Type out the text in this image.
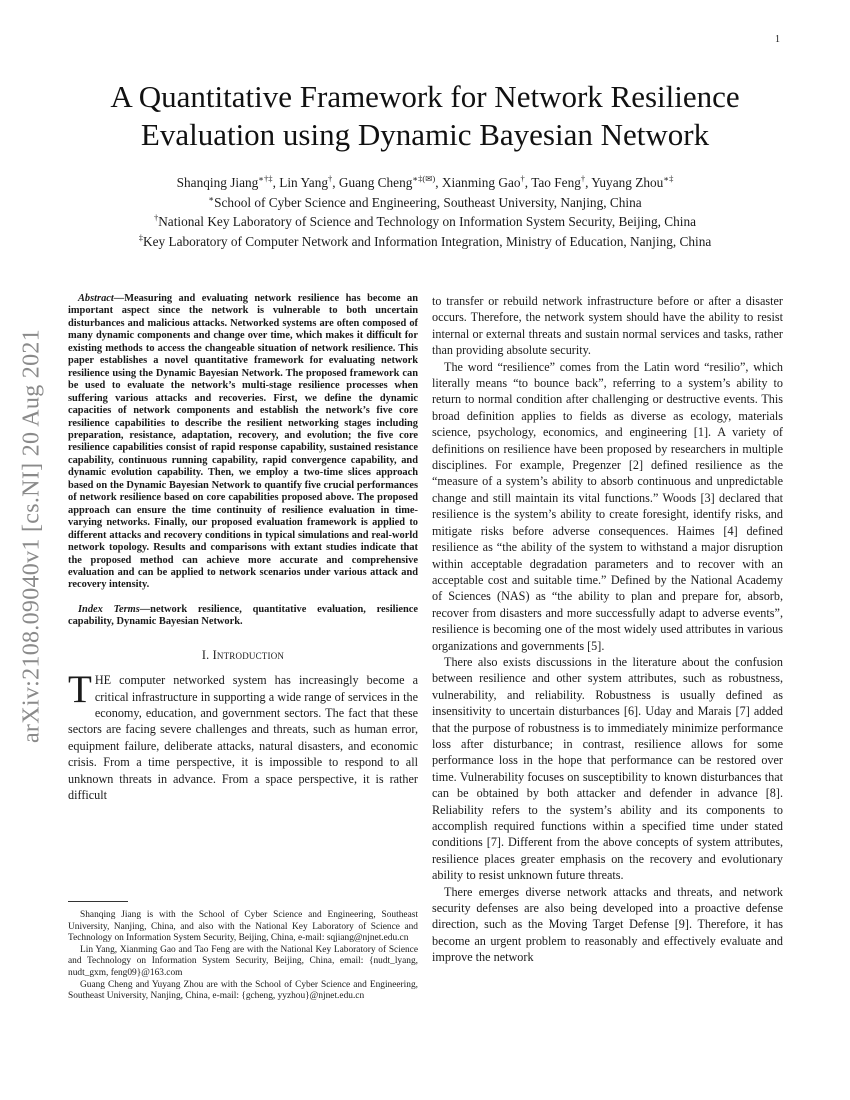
1
arXiv:2108.09040v1 [cs.NI] 20 Aug 2021
A Quantitative Framework for Network Resilience Evaluation using Dynamic Bayesian Network
Shanqing Jiang∗†‡, Lin Yang†, Guang Cheng∗‡(✉), Xianming Gao†, Tao Feng†, Yuyang Zhou∗‡
∗School of Cyber Science and Engineering, Southeast University, Nanjing, China
†National Key Laboratory of Science and Technology on Information System Security, Beijing, China
‡Key Laboratory of Computer Network and Information Integration, Ministry of Education, Nanjing, China

Abstract—Measuring and evaluating network resilience has become an important aspect since the network is vulnerable to both uncertain disturbances and malicious attacks. Networked systems are often composed of many dynamic components and change over time, which makes it difficult for existing methods to access the changeable situation of network resilience. This paper establishes a novel quantitative framework for evaluating network resilience using the Dynamic Bayesian Network. The proposed framework can be used to evaluate the network’s multi-stage resilience processes when suffering various attacks and recoveries. First, we define the dynamic capacities of network components and establish the network’s five core resilience capabilities to describe the resilient networking stages including preparation, resistance, adaptation, recovery, and evolution; the five core resilience capabilities consist of rapid response capability, sustained resistance capability, continuous running capability, rapid convergence capability, and dynamic evolution capability. Then, we employ a two-time slices approach based on the Dynamic Bayesian Network to quantify five crucial performances of network resilience based on core capabilities proposed above. The proposed approach can ensure the time continuity of resilience evaluation in time-varying networks. Finally, our proposed evaluation framework is applied to different attacks and recovery conditions in typical simulations and real-world network topology. Results and comparisons with extant studies indicate that the proposed method can achieve more accurate and comprehensive evaluation and can be applied to network scenarios under various attack and recovery intensity.

Index Terms—network resilience, quantitative evaluation, resilience capability, Dynamic Bayesian Network.

I. Introduction

THE computer networked system has increasingly become a critical infrastructure in supporting a wide range of services in the economy, education, and government sectors. The fact that these sectors are facing severe challenges and threats, such as human error, equipment failure, deliberate attacks, natural disasters, and economic crisis. From a time perspective, it is impossible to respond to all unknown threats in advance. From a space perspective, it is rather difficult

Shanqing Jiang is with the School of Cyber Science and Engineering, Southeast University, Nanjing, China, and also with the National Key Laboratory of Science and Technology on Information System Security, Beijing, China, e-mail: sqjiang@njnet.edu.cn

Lin Yang, Xianming Gao and Tao Feng are with the National Key Laboratory of Science and Technology on Information System Security, Beijing, China, email: {nudt_lyang, nudt_gxm, feng09}@163.com

Guang Cheng and Yuyang Zhou are with the School of Cyber Science and Engineering, Southeast University, Nanjing, China, e-mail: {gcheng, yyzhou}@njnet.edu.cn

to transfer or rebuild network infrastructure before or after a disaster occurs. Therefore, the network system should have the ability to resist internal or external threats and sustain normal services and tasks, rather than providing absolute security.

The word “resilience” comes from the Latin word “resilio”, which literally means “to bounce back”, referring to a system’s ability to return to normal condition after challenging or destructive events. This broad definition applies to fields as diverse as ecology, materials science, psychology, economics, and engineering [1]. A variety of definitions on resilience have been proposed by researchers in multiple disciplines. For example, Pregenzer [2] defined resilience as the “measure of a system’s ability to absorb continuous and unpredictable change and still maintain its vital functions.” Woods [3] declared that resilience is the system’s ability to create foresight, identify risks, and mitigate risks before adverse consequences. Haimes [4] defined resilience as “the ability of the system to withstand a major disruption within acceptable degradation parameters and to recover with an acceptable cost and suitable time.” Defined by the National Academy of Sciences (NAS) as “the ability to plan and prepare for, absorb, recover from disasters and more successfully adapt to adverse events”, resilience is becoming one of the most widely used attributes in various organizations and governments [5].

There also exists discussions in the literature about the confusion between resilience and other system attributes, such as robustness, vulnerability, and reliability. Robustness is usually defined as insensitivity to uncertain disturbances [6]. Uday and Marais [7] added that the purpose of robustness is to immediately minimize performance loss after disturbance; in contrast, resilience allows for some performance loss in the hope that performance can be restored over time. Vulnerability focuses on susceptibility to known disturbances that can be obtained by both attacker and defender in advance [8]. Reliability refers to the system’s ability and its components to accomplish required functions within a specified time under stated conditions [7]. Different from the above concepts of system attributes, resilience places greater emphasis on the recovery and evolutionary ability to resist unknown future threats.

There emerges diverse network attacks and threats, and network security defenses are also being developed into a proactive defense direction, such as the Moving Target Defense [9]. Therefore, it has become an urgent problem to reasonably and effectively evaluate and improve the network
